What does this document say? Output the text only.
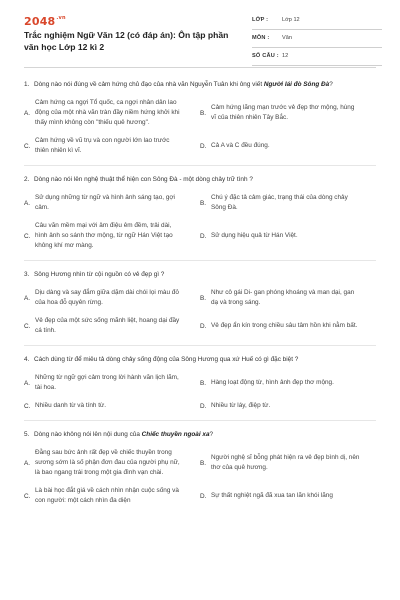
$2048^{.vn}$
Trắc nghiệm Ngữ Văn 12 (có đáp án): Ôn tập phần văn học Lớp 12 kì 2
LỚP : Lớp 12
MÔN : Văn
SỐ CÂU : 12
1. Dòng nào nói đúng về cảm hứng chủ đạo của nhà văn Nguyễn Tuân khi ông viết Người lái đò Sông Đà?
A.
Cảm hứng ca ngợi Tổ quốc, ca ngợi nhân dân lao động của một nhà văn tràn đầy niềm hứng khởi khi thấy mình không còn "thiếu quê hương".
B.
Cảm hứng lãng mạn trước vẻ đẹp thơ mộng, hùng vĩ của thiên nhiên Tây Bắc.
C.
Cảm hứng về vũ trụ và con người lớn lao trước thiên nhiên kì vĩ.
D. Cả A và C đều đúng.
2. Dòng nào nói lên nghệ thuật thể hiện con Sông Đà - một dòng chảy trữ tình ?
A.
Sử dụng những từ ngữ và hình ảnh sáng tạo, gợi cảm.
B.
Chú ý đặc tả cảm giác, trạng thái của dòng chảy Sông Đà.
C.
Câu văn mềm mại với âm điệu êm đềm, trải dài, hình ảnh so sánh thơ mộng, từ ngữ Hán Việt tạo không khí mơ màng.
D. Sử dụng hiệu quả từ Hán Việt.
3. Sông Hương nhìn từ cội nguồn có vẻ đẹp gì ?
A.
Dịu dàng và say đắm giữa dặm dài chói lọi màu đỏ của hoa đỗ quyên rừng.
B.
Như cô gái Di- gan phóng khoáng và man dại, gan dạ và trong sáng.
C.
Vẻ đẹp của một sức sống mãnh liệt, hoang dại đầy cá tính.
D. Vẻ đẹp ẩn kín trong chiều sâu tâm hồn khi nằm bất.
4. Cách dùng từ để miêu tả dòng chảy sống động của Sông Hương qua xứ Huế có gì đặc biệt ?
A.
Những từ ngữ gợi cảm trong lời hành văn lịch lãm, tài hoa.
B. Hàng loạt động từ, hình ảnh đẹp thơ mộng.
C. Nhiều danh từ và tính từ.	D. Nhiều từ láy, điệp từ.
5. Dòng nào không nói lên nội dung của Chiếc thuyền ngoài xa?
A.
Đằng sau bức ảnh rất đẹp về chiếc thuyền trong sương sớm là số phận đơn đau của người phụ nữ, là bao ngang trái trong một gia đình vạn chài.
B.
Người nghệ sĩ bỗng phát hiện ra vẻ đẹp bình dị, nên thơ của quê hương.
C.
Là bài học đắt giá về cách nhìn nhận cuộc sống và con người: một cách nhìn đa diện
D. Sự thất nghiệt ngã đã xua tan lãn khói lãng
